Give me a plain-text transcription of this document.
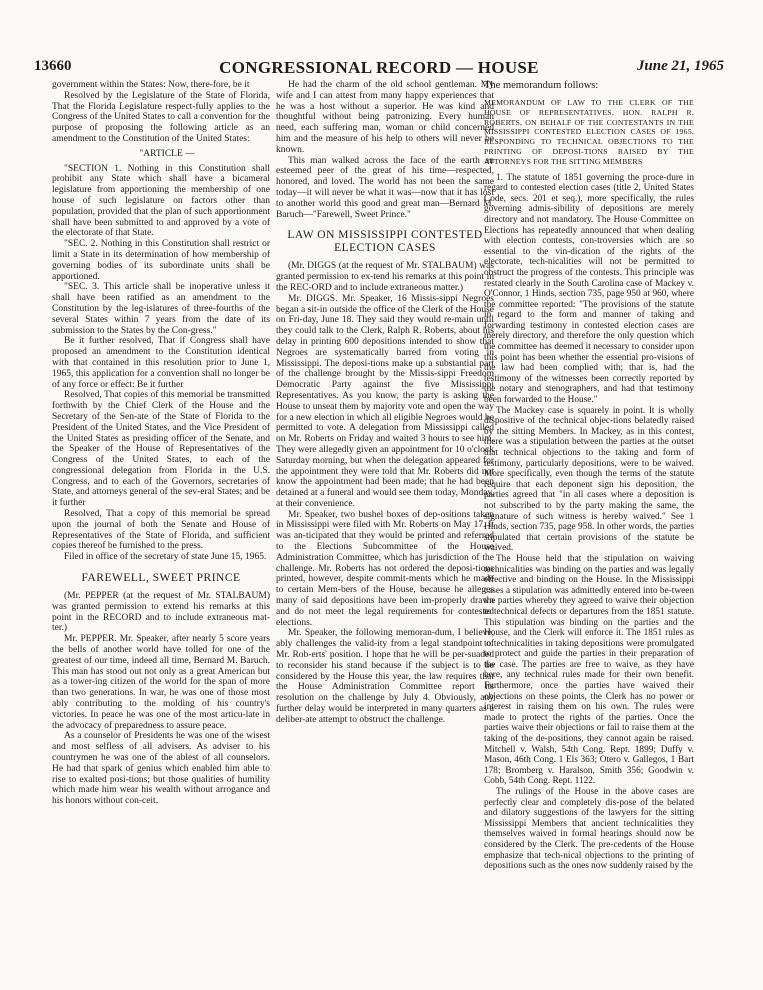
13660	CONGRESSIONAL RECORD — HOUSE	June 21, 1965

government within the States: Now, there-fore, be it

Resolved by the Legislature of the State of Florida, That the Florida Legislature respect-fully applies to the Congress of the United States to call a convention for the purpose of proposing the following article as an amendment to the Constitution of the United States:

"ARTICLE —

"SECTION 1. Nothing in this Constitution shall prohibit any State which shall have a bicameral legislature from apportioning the membership of one house of such legislature on factors other than population, provided that the plan of such apportionment shall have been submitted to and approved by a vote of the electorate of that State.

"SEC. 2. Nothing in this Constitution shall restrict or limit a State in its determination of how membership of governing bodies of its subordinate units shall be apportioned.

"SEC. 3. This article shall be inoperative unless it shall have been ratified as an amendment to the Constitution by the leg-islatures of three-fourths of the several States within 7 years from the date of its submission to the States by the Con-gress."

Be it further resolved, That if Congress shall have proposed an amendment to the Constitution identical with that contained in this resolution prior to June 1, 1965, this application for a convention shall no longer be of any force or effect: Be it further

Resolved, That copies of this memorial be transmitted forthwith by the Chief Clerk of the House and the Secretary of the Sen-ate of the State of Florida to the President of the United States, and the Vice President of the United States as presiding officer of the Senate, and the Speaker of the House of Representatives of the Congress of the United States, to each of the congressional delegation from Florida in the U.S. Congress, and to each of the Governors, secretaries of State, and attorneys general of the sev-eral States; and be it further

Resolved, That a copy of this memorial be spread upon the journal of both the Senate and House of Representatives of the State of Florida, and sufficient copies thereof be furnished to the press.

Filed in office of the secretary of state June 15, 1965.

FAREWELL, SWEET PRINCE

(Mr. PEPPER (at the request of Mr. STALBAUM) was granted permission to extend his remarks at this point in the RECORD and to include extraneous mat-ter.)

Mr. PEPPER. Mr. Speaker, after nearly 5 score years the bells of another world have tolled for one of the greatest of our time, indeed all time, Bernard M. Baruch. This man has stood out not only as a great American but as a tower-ing citizen of the world for the span of more than two generations. In war, he was one of those most ably contributing to the molding of his country's victories. In peace he was one of the most articu-late in the advocacy of preparedness to assure peace.

As a counselor of Presidents he was one of the wisest and most selfless of all advisers. As adviser to his countrymen he was one of the ablest of all counselors. He had that spark of genius which enabled him able to rise to exalted posi-tions; but those qualities of humility which made him wear his wealth without arrogance and his honors without con-ceit.

He had the charm of the old school gentleman. My wife and I can attest from many happy experiences that he was a host without a superior. He was kind and thoughtful without being patronizing. Every human need, each suffering man, woman or child concerned him and the measure of his help to others will never be known.

This man walked across the face of the earth an esteemed peer of the great of his time—respected, honored, and loved. The world has not been the same today—it will never be what it was—now that it has lost to another world this good and great man—Bernard M. Baruch—"Farewell, Sweet Prince."

LAW ON MISSISSIPPI CONTESTED ELECTION CASES

(Mr. DIGGS (at the request of Mr. STALBAUM) was granted permission to ex-tend his remarks at this point in the REC-ORD and to include extraneous matter.)

Mr. DIGGS. Mr. Speaker, 16 Missis-sippi Negroes began a sit-in outside the office of the Clerk of the House on Fri-day, June 18. They said they would re-main until they could talk to the Clerk, Ralph R. Roberts, about his delay in printing 600 depositions intended to show that Negroes are systematically barred from voting in Mississippi. The deposi-tions make up a substantial part of the challenge brought by the Missis-sippi Freedom Democratic Party against the five Mississippi Representatives. As you know, the party is asking the House to unseat them by majority vote and open the way for a new election in which all eligible Negroes would be permitted to vote. A delegation from Mississippi called on Mr. Roberts on Friday and waited 3 hours to see him. They were allegedly given an appointment for 10 o'clock Saturday morning, but when the delegation appeared for the appointment they were told that Mr. Roberts did not know the appointment had been made; that he had been detained at a funeral and would see them today, Monday, at their convenience.

Mr. Speaker, two bushel boxes of dep-ositions taken in Mississippi were filed with Mr. Roberts on May 17. It was an-ticipated that they would be printed and referred to the Elections Subcommittee of the House Administration Committee, which has jurisdiction of the challenge. Mr. Roberts has not ordered the deposi-tions printed, however, despite commit-ments which he made to certain Mem-bers of the House, because he alleges many of said depositions have been im-properly drawn and do not meet the legal requirements for contested elections.

Mr. Speaker, the following memoran-dum, I believe, ably challenges the valid-ity from a legal standpoint of Mr. Rob-erts' position. I hope that he will be per-suaded to reconsider his stand because if the subject is to be considered by the House this year, the law requires that the House Administration Committee report its resolution on the challenge by July 4. Obviously, any further delay would be interpreted in many quarters as a deliber-ate attempt to obstruct the challenge.

The memorandum follows:

MEMORANDUM OF LAW TO THE CLERK OF THE HOUSE OF REPRESENTATIVES, HON. RALPH R. ROBERTS, ON BEHALF OF THE CONTESTANTS IN THE MISSISSIPPI CONTESTED ELECTION CASES OF 1965, RESPONDING TO TECHNICAL OBJECTIONS TO THE PRINTING OF DEPOSI-TIONS RAISED BY THE ATTORNEYS FOR THE SITTING MEMBERS

1. The statute of 1851 governing the proce-dure in regard to contested election cases (title 2, United States Code, secs. 201 et seq.), more specifically, the rules governing admis-sibility of depositions are merely directory and not mandatory. The House Committee on Elections has repeatedly announced that when dealing with election contests, con-troversies which are so essential to the vin-dication of the rights of the electorate, tech-nicalities will not be permitted to obstruct the progress of the contests. This principle was restated clearly in the South Carolina case of Mackey v. O'Connor, 1 Hinds, section 735, page 950 at 960, where the committee reported: "The provisions of the statute in regard to the form and manner of taking and forwarding testimony in contested election cases are merely directory, and therefore the only question which the committee has deemed it necessary to consider upon this point has been whether the essential pro-visions of the law had been complied with; that is, had the testimony of the witnesses been correctly reported by the notary and stenographers, and had that testimony been forwarded to the House."

The Mackey case is squarely in point. It is wholly dispositive of the technical objec-tions belatedly raised by the sitting Members. In Mackey, as in this contest, there was a stipulation between the parties at the outset that technical objections to the taking and form of testimony, particularly depositions, were to be waived. More specifically, even though the terms of the statute require that each deponent sign his deposition, the parties agreed that "in all cases where a deposition is not subscribed to by the party making the same, the signature of such witness is hereby waived." See 1 Hinds, section 735, page 958. In other words, the parties stipulated that certain provisions of the statute be waived.

The House held that the stipulation on waiving technicalities was binding on the parties and was legally effective and binding on the House. In the Mississippi cases a stipulation was admittedly entered into be-tween the parties whereby they agreed to waive their objection to technical defects or departures from the 1851 statute. This stipulation was binding on the parties and the House, and the Clerk will enforce it. The 1851 rules as to technicalities in taking depositions were promulgated to protect and guide the parties in their preparation of the case. The parties are free to waive, as they have here, any technical rules made for their own benefit. Furthermore, once the parties have waived their objections on these points, the Clerk has no power or interest in raising them on his own. The rules were made to protect the rights of the parties. Once the parties waive their objections or fail to raise them at the taking of the de-positions, they cannot again be raised. Mitchell v. Walsh, 54th Cong. Rept. 1899; Duffy v. Mason, 46th Cong. 1 Els 363; Otero v. Gallegos, 1 Bart 178; Bromberg v. Haralson, Smith 356; Goodwin v. Cobb, 54th Cong. Rept. 1122.

The rulings of the House in the above cases are perfectly clear and completely dis-pose of the belated and dilatory suggestions of the lawyers for the sitting Mississippi Members that ancient technicalities they themselves waived in formal hearings should now be considered by the Clerk. The pre-cedents of the House emphasize that tech-nical objections to the printing of depositions such as the ones now suddenly raised by the
